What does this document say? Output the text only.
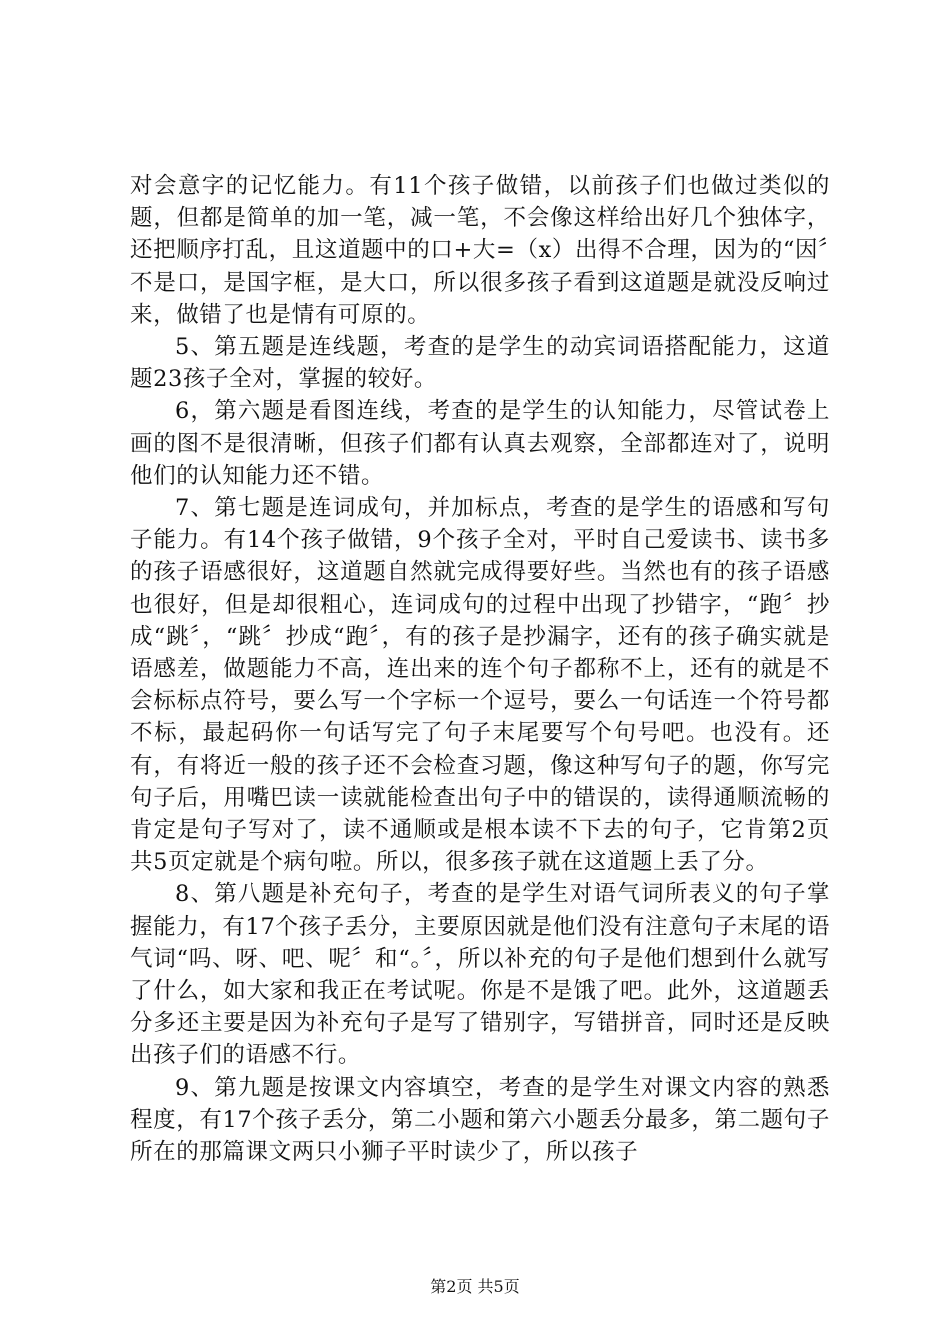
对会意字的记忆能力。有11个孩子做错，以前孩子们也做过类似的题，但都是简单的加一笔，减一笔，不会像这样给出好几个独体字，还把顺序打乱，且这道题中的口+大=（x）出得不合理，因为的“因〞不是口，是国字框，是大口，所以很多孩子看到这道题是就没反响过来，做错了也是情有可原的。

5、第五题是连线题，考查的是学生的动宾词语搭配能力，这道题23孩子全对，掌握的较好。

6，第六题是看图连线，考查的是学生的认知能力，尽管试卷上画的图不是很清晰，但孩子们都有认真去观察，全部都连对了，说明他们的认知能力还不错。

7、第七题是连词成句，并加标点，考查的是学生的语感和写句子能力。有14个孩子做错，9个孩子全对，平时自己爱读书、读书多的孩子语感很好，这道题自然就完成得要好些。当然也有的孩子语感也很好，但是却很粗心，连词成句的过程中出现了抄错字，“跑〞抄成“跳〞，“跳〞抄成“跑〞，有的孩子是抄漏字，还有的孩子确实就是语感差，做题能力不高，连出来的连个句子都称不上，还有的就是不会标标点符号，要么写一个字标一个逗号，要么一句话连一个符号都不标，最起码你一句话写完了句子末尾要写个句号吧。也没有。还有，有将近一般的孩子还不会检查习题，像这种写句子的题，你写完句子后，用嘴巴读一读就能检查出句子中的错误的，读得通顺流畅的肯定是句子写对了，读不通顺或是根本读不下去的句子，它肯第2页共5页定就是个病句啦。所以，很多孩子就在这道题上丢了分。

8、第八题是补充句子，考查的是学生对语气词所表义的句子掌握能力，有17个孩子丢分，主要原因就是他们没有注意句子末尾的语气词“吗、呀、吧、呢〞和“。〞，所以补充的句子是他们想到什么就写了什么，如大家和我正在考试呢。你是不是饿了吧。此外，这道题丢分多还主要是因为补充句子是写了错别字，写错拼音，同时还是反映出孩子们的语感不行。

9、第九题是按课文内容填空，考查的是学生对课文内容的熟悉程度，有17个孩子丢分，第二小题和第六小题丢分最多，第二题句子所在的那篇课文两只小狮子平时读少了，所以孩子

第2页 共5页
